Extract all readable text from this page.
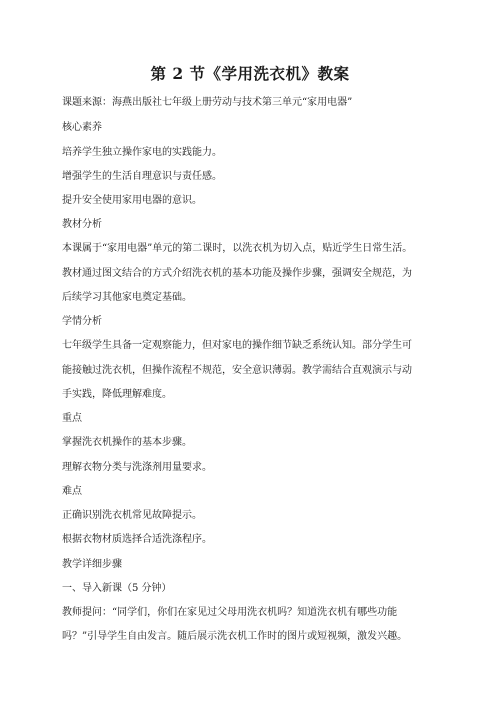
第 2 节《学用洗衣机》教案
课题来源：海燕出版社七年级上册劳动与技术第三单元“家用电器”
核心素养
培养学生独立操作家电的实践能力。
增强学生的生活自理意识与责任感。
提升安全使用家用电器的意识。
教材分析
本课属于“家用电器”单元的第二课时，以洗衣机为切入点，贴近学生日常生活。
教材通过图文结合的方式介绍洗衣机的基本功能及操作步骤，强调安全规范，为
后续学习其他家电奠定基础。
学情分析
七年级学生具备一定观察能力，但对家电的操作细节缺乏系统认知。部分学生可
能接触过洗衣机，但操作流程不规范，安全意识薄弱。教学需结合直观演示与动
手实践，降低理解难度。
重点
掌握洗衣机操作的基本步骤。
理解衣物分类与洗涤剂用量要求。
难点
正确识别洗衣机常见故障提示。
根据衣物材质选择合适洗涤程序。
教学详细步骤
一、导入新课（5 分钟）
教师提问：“同学们，你们在家见过父母用洗衣机吗？知道洗衣机有哪些功能
吗？”引导学生自由发言。随后展示洗衣机工作时的图片或短视频，激发兴趣。
